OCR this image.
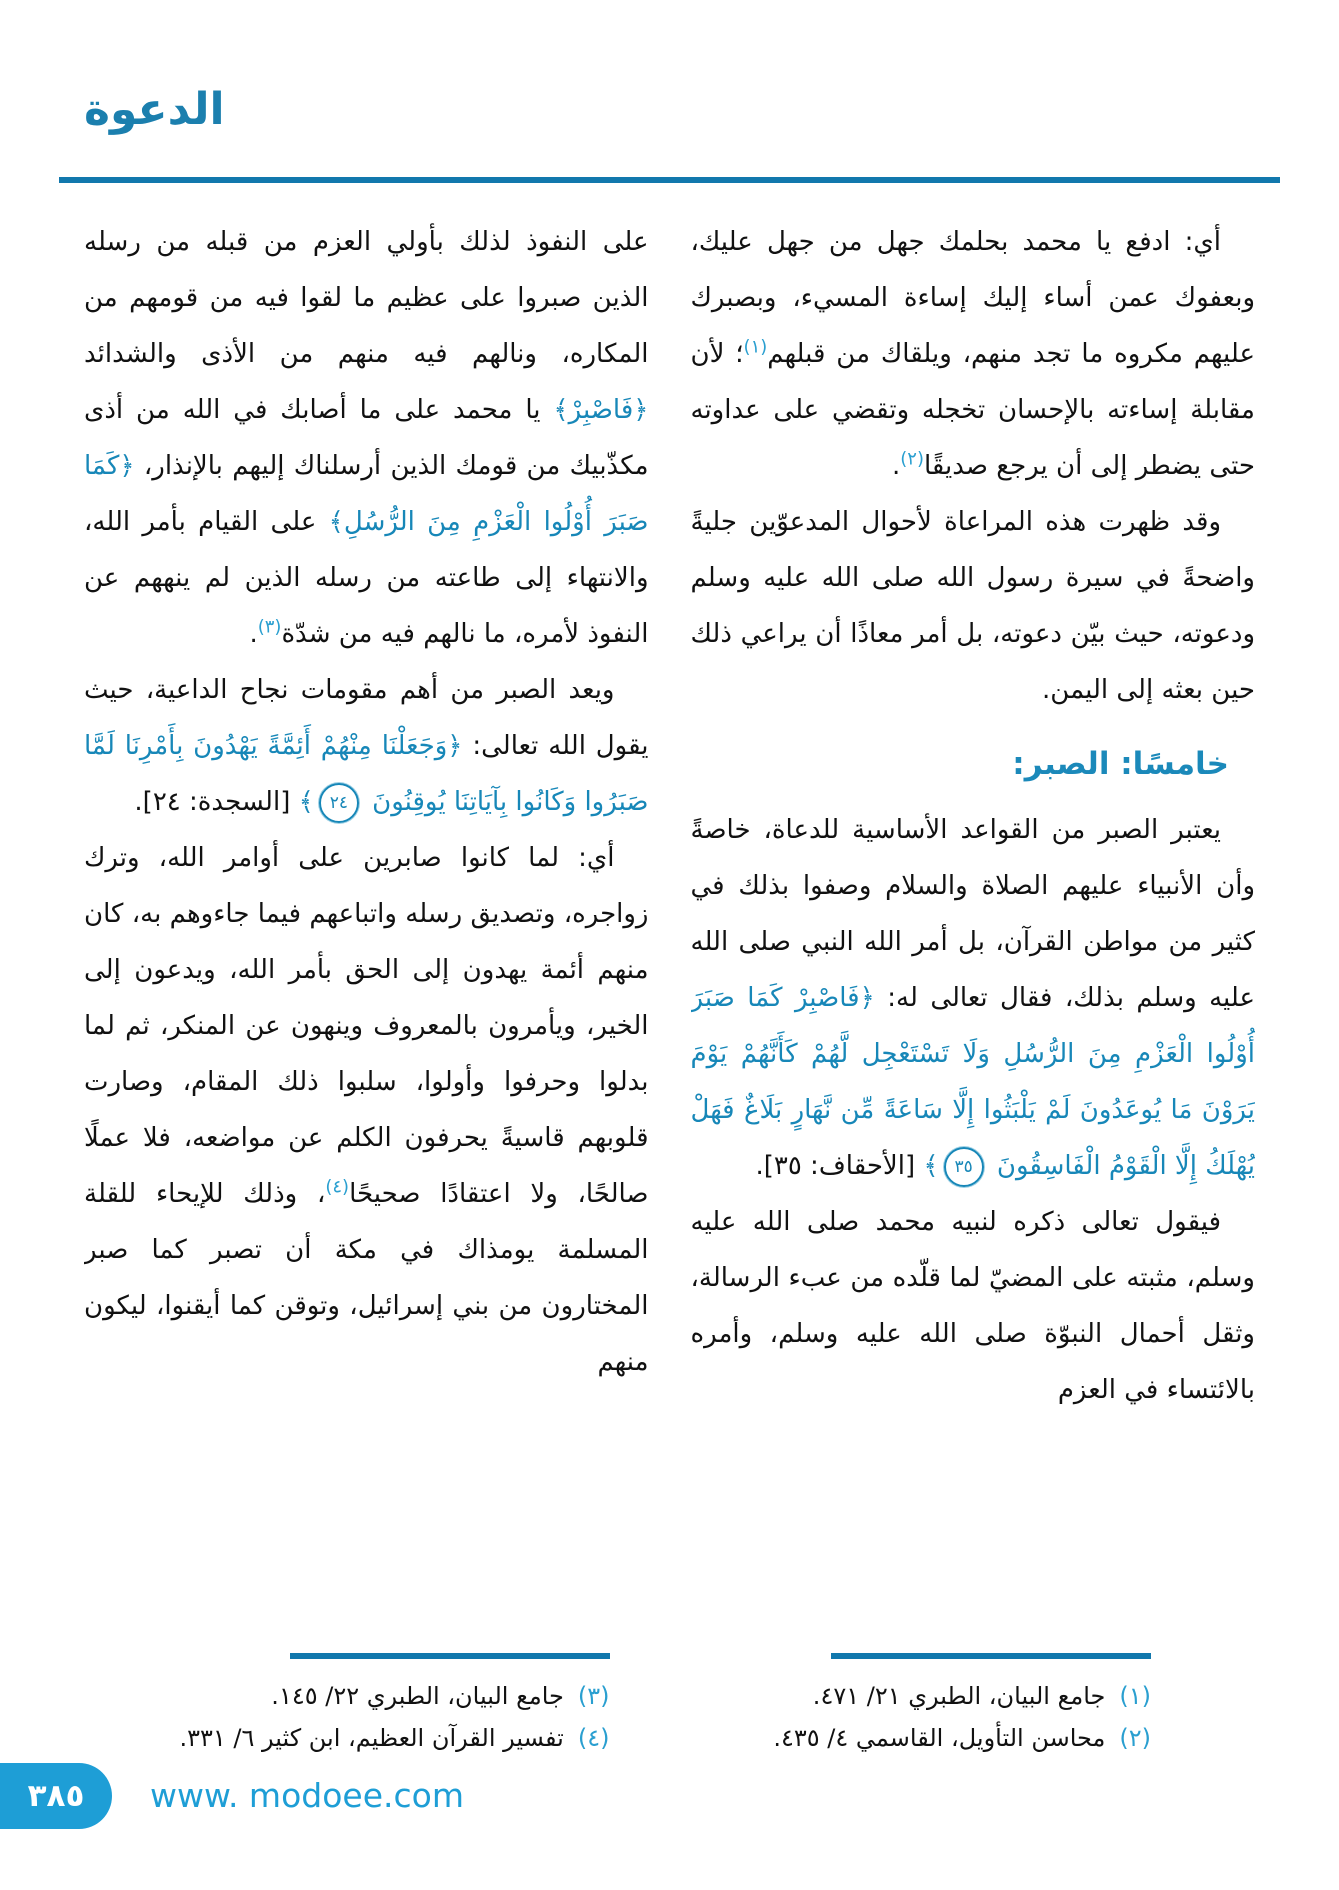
الدعوة

أي: ادفع يا محمد بحلمك جهل من جهل عليك، وبعفوك عمن أساء إليك إساءة المسيء، وبصبرك عليهم مكروه ما تجد منهم، ويلقاك من قبلهم$^{(١)}$؛ لأن مقابلة إساءته بالإحسان تخجله وتقضي على عداوته حتى يضطر إلى أن يرجع صديقًا$^{(٢)}$.

وقد ظهرت هذه المراعاة لأحوال المدعوّين جليةً واضحةً في سيرة رسول الله صلى الله عليه وسلم ودعوته، حيث بيّن دعوته، بل أمر معاذًا أن يراعي ذلك حين بعثه إلى اليمن.

خامسًا: الصبر:

يعتبر الصبر من القواعد الأساسية للدعاة، خاصةً وأن الأنبياء عليهم الصلاة والسلام وصفوا بذلك في كثير من مواطن القرآن، بل أمر الله النبي صلى الله عليه وسلم بذلك، فقال تعالى له: ﴿فَاصْبِرْ كَمَا صَبَرَ أُوْلُوا الْعَزْمِ مِنَ الرُّسُلِ وَلَا تَسْتَعْجِل لَّهُمْ كَأَنَّهُمْ يَوْمَ يَرَوْنَ مَا يُوعَدُونَ لَمْ يَلْبَثُوا إِلَّا سَاعَةً مِّن نَّهَارٍ بَلَاغٌ فَهَلْ يُهْلَكُ إِلَّا الْقَوْمُ الْفَاسِقُونَ ٣٥﴾ [الأحقاف: ٣٥].

فيقول تعالى ذكره لنبيه محمد صلى الله عليه وسلم، مثبته على المضيّ لما قلّده من عبء الرسالة، وثقل أحمال النبوّة صلى الله عليه وسلم، وأمره بالائتساء في العزم

(١)جامع البيان، الطبري ٢١/ ٤٧١.
(٢)محاسن التأويل، القاسمي ٤/ ٤٣٥.

على النفوذ لذلك بأولي العزم من قبله من رسله الذين صبروا على عظيم ما لقوا فيه من قومهم من المكاره، ونالهم فيه منهم من الأذى والشدائد ﴿فَاصْبِرْ﴾ يا محمد على ما أصابك في الله من أذى مكذّبيك من قومك الذين أرسلناك إليهم بالإنذار، ﴿كَمَا صَبَرَ أُوْلُوا الْعَزْمِ مِنَ الرُّسُلِ﴾ على القيام بأمر الله، والانتهاء إلى طاعته من رسله الذين لم ينههم عن النفوذ لأمره، ما نالهم فيه من شدّة$^{(٣)}$.

ويعد الصبر من أهم مقومات نجاح الداعية، حيث يقول الله تعالى: ﴿وَجَعَلْنَا مِنْهُمْ أَئِمَّةً يَهْدُونَ بِأَمْرِنَا لَمَّا صَبَرُوا وَكَانُوا بِآيَاتِنَا يُوقِنُونَ ٢٤﴾ [السجدة: ٢٤].

أي: لما كانوا صابرين على أوامر الله، وترك زواجره، وتصديق رسله واتباعهم فيما جاءوهم به، كان منهم أئمة يهدون إلى الحق بأمر الله، ويدعون إلى الخير، ويأمرون بالمعروف وينهون عن المنكر، ثم لما بدلوا وحرفوا وأولوا، سلبوا ذلك المقام، وصارت قلوبهم قاسيةً يحرفون الكلم عن مواضعه، فلا عملًا صالحًا، ولا اعتقادًا صحيحًا$^{(٤)}$، وذلك للإيحاء للقلة المسلمة يومذاك في مكة أن تصبر كما صبر المختارون من بني إسرائيل، وتوقن كما أيقنوا، ليكون منهم

(٣)جامع البيان، الطبري ٢٢/ ١٤٥.
(٤)تفسير القرآن العظيم، ابن كثير ٦/ ٣٣١.
٣٨٥ www. modoee.com
